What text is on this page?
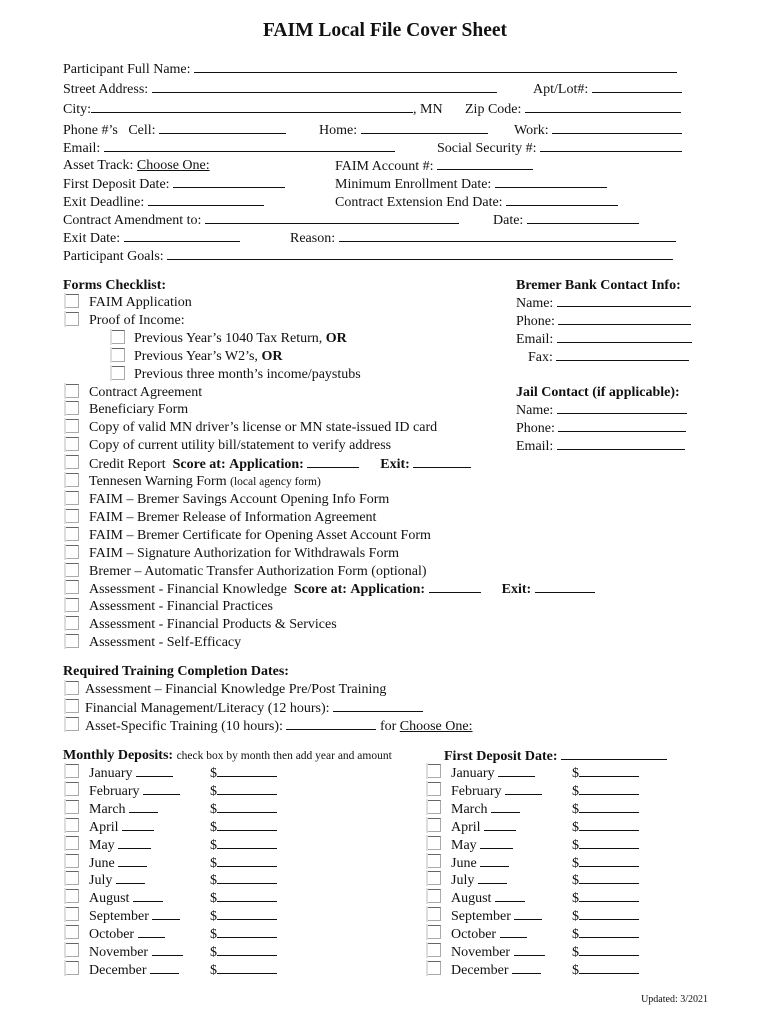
FAIM Local File Cover Sheet
Participant Full Name:
Street Address:	Apt/Lot#:
City:	, MN Zip Code:
Phone #’s Cell:	Home:	Work:
Email:	Social Security #:
Asset Track: Choose One:	FAIM Account #:
First Deposit Date:	Minimum Enrollment Date:
Exit Deadline:	Contract Extension End Date:
Contract Amendment to:	Date:
Exit Date:	Reason:
Participant Goals:
Forms Checklist:
FAIM Application
Proof of Income:
Previous Year’s 1040 Tax Return, OR
Previous Year’s W2’s, OR
Previous three month’s income/paystubs
Contract Agreement
Beneficiary Form
Copy of valid MN driver’s license or MN state-issued ID card
Copy of current utility bill/statement to verify address
Credit Report Score at: Application:	Exit:
Tennesen Warning Form (local agency form)
FAIM – Bremer Savings Account Opening Info Form
FAIM – Bremer Release of Information Agreement
FAIM – Bremer Certificate for Opening Asset Account Form
FAIM – Signature Authorization for Withdrawals Form
Bremer – Automatic Transfer Authorization Form (optional)
Assessment - Financial Knowledge Score at: Application:	Exit:
Assessment - Financial Practices
Assessment - Financial Products & Services
Assessment - Self-Efficacy
Bremer Bank Contact Info:
Name:
Phone:
Email:
Fax:
Jail Contact (if applicable):
Name:
Phone:
Email:
Required Training Completion Dates:
Assessment – Financial Knowledge Pre/Post Training
Financial Management/Literacy (12 hours):
Asset-Specific Training (10 hours):	for Choose One:
Monthly Deposits: check box by month then add year and amount	First Deposit Date:
January	$
February	$
March	$
April	$
May	$
June	$
July	$
August	$
September	$
October	$
November	$
December	$
January	$
February	$
March	$
April	$
May	$
June	$
July	$
August	$
September	$
October	$
November	$
December	$
Updated: 3/2021
